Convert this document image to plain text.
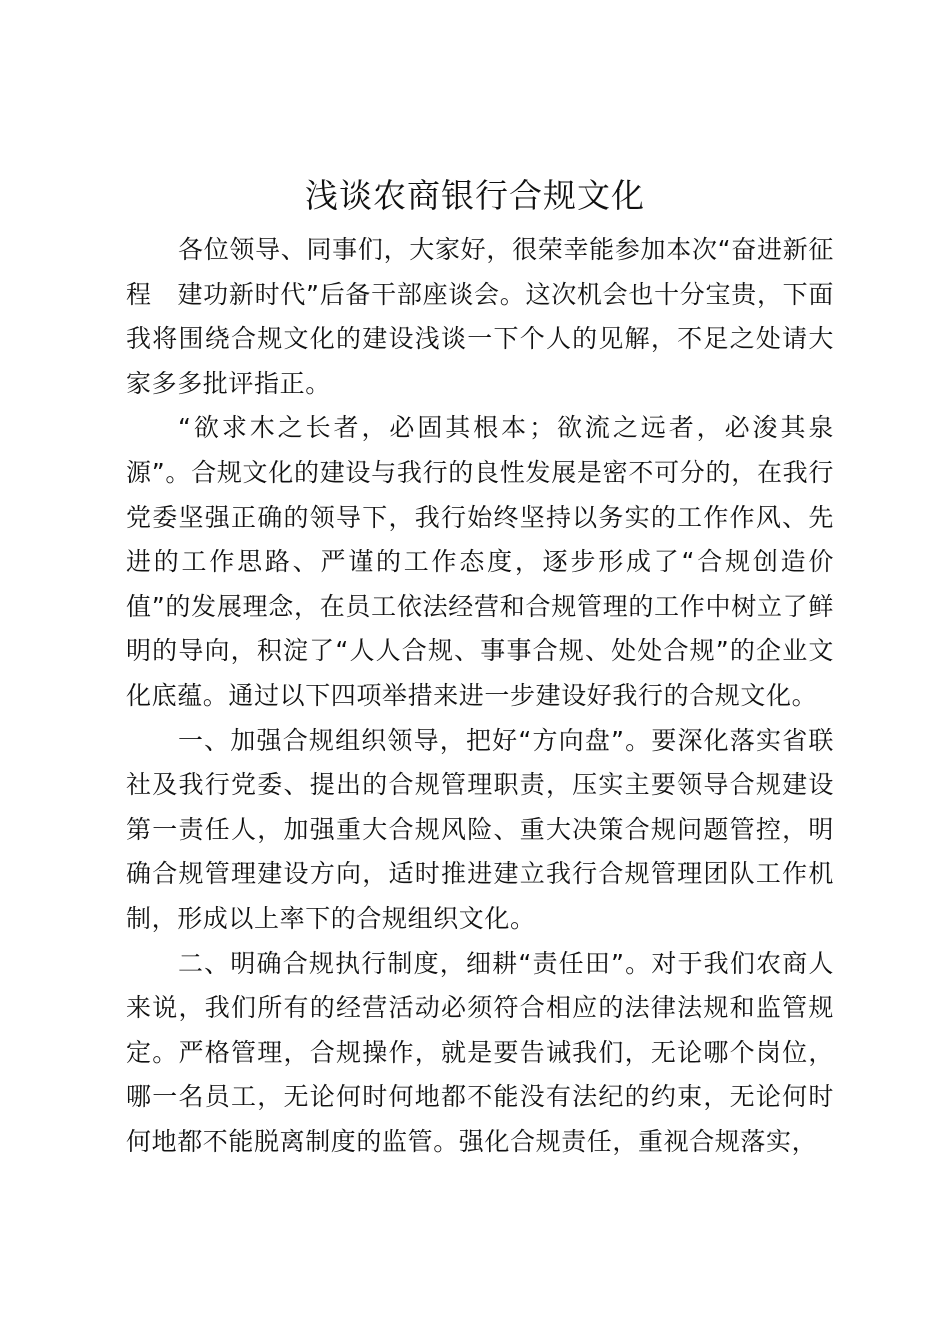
浅谈农商银行合规文化

各位领导、同事们，大家好，很荣幸能参加本次“奋进新征程　建功新时代”后备干部座谈会。这次机会也十分宝贵，下面我将围绕合规文化的建设浅谈一下个人的见解，不足之处请大家多多批评指正。

“欲求木之长者，必固其根本；欲流之远者，必浚其泉源”。合规文化的建设与我行的良性发展是密不可分的，在我行党委坚强正确的领导下，我行始终坚持以务实的工作作风、先进的工作思路、严谨的工作态度，逐步形成了“合规创造价值”的发展理念，在员工依法经营和合规管理的工作中树立了鲜明的导向，积淀了“人人合规、事事合规、处处合规”的企业文化底蕴。通过以下四项举措来进一步建设好我行的合规文化。

一、加强合规组织领导，把好“方向盘”。要深化落实省联社及我行党委、提出的合规管理职责，压实主要领导合规建设第一责任人，加强重大合规风险、重大决策合规问题管控，明确合规管理建设方向，适时推进建立我行合规管理团队工作机制，形成以上率下的合规组织文化。

二、明确合规执行制度，细耕“责任田”。对于我们农商人来说，我们所有的经营活动必须符合相应的法律法规和监管规定。严格管理，合规操作，就是要告诫我们，无论哪个岗位，哪一名员工，无论何时何地都不能没有法纪的约束，无论何时何地都不能脱离制度的监管。强化合规责任，重视合规落实，
